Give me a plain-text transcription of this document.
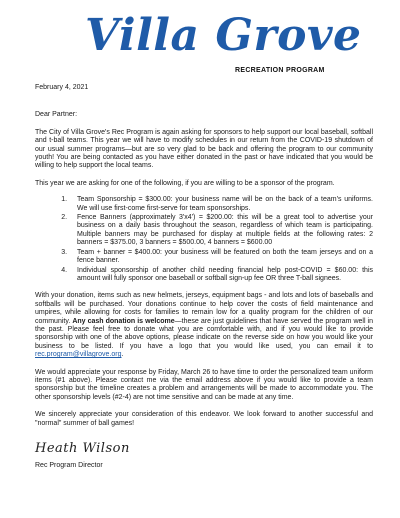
Villa Grove
RECREATION PROGRAM

February 4, 2021

Dear Partner:

The City of Villa Grove's Rec Program is again asking for sponsors to help support our local baseball, softball and t-ball teams. This year we will have to modify schedules in our return from the COVID-19 shutdown of our usual summer programs—but are so very glad to be back and offering the program to our community youth! You are being contacted as you have either donated in the past or have indicated that you would be willing to help support the local teams.

This year we are asking for one of the following, if you are willing to be a sponsor of the program.

1. Team Sponsorship = $300.00: your business name will be on the back of a team's uniforms. We will use first-come first-serve for team sponsorships.
2. Fence Banners (approximately 3'x4') = $200.00: this will be a great tool to advertise your business on a daily basis throughout the season, regardless of which team is participating. Multiple banners may be purchased for display at multiple fields at the following rates: 2 banners = $375.00, 3 banners = $500.00, 4 banners = $600.00
3. Team + banner = $400.00: your business will be featured on both the team jerseys and on a fence banner.
4. Individual sponsorship of another child needing financial help post-COVID = $60.00: this amount will fully sponsor one baseball or softball sign-up fee OR three T-ball signees.

With your donation, items such as new helmets, jerseys, equipment bags - and lots and lots of baseballs and softballs will be purchased. Your donations continue to help cover the costs of field maintenance and umpires, while allowing for costs for families to remain low for a quality program for the children of our community. Any cash donation is welcome—these are just guidelines that have served the program well in the past. Please feel free to donate what you are comfortable with, and if you would like to provide sponsorship with one of the above options, please indicate on the reverse side on how you would like your business to be listed. If you have a logo that you would like used, you can email it to rec.program@villagrove.org.

We would appreciate your response by Friday, March 26 to have time to order the personalized team uniform items (#1 above). Please contact me via the email address above if you would like to provide a team sponsorship but the timeline creates a problem and arrangements will be made to accommodate you. The other sponsorship levels (#2-4) are not time sensitive and can be made at any time.

We sincerely appreciate your consideration of this endeavor. We look forward to another successful and "normal" summer of ball games!

Heath Wilson

Rec Program Director
